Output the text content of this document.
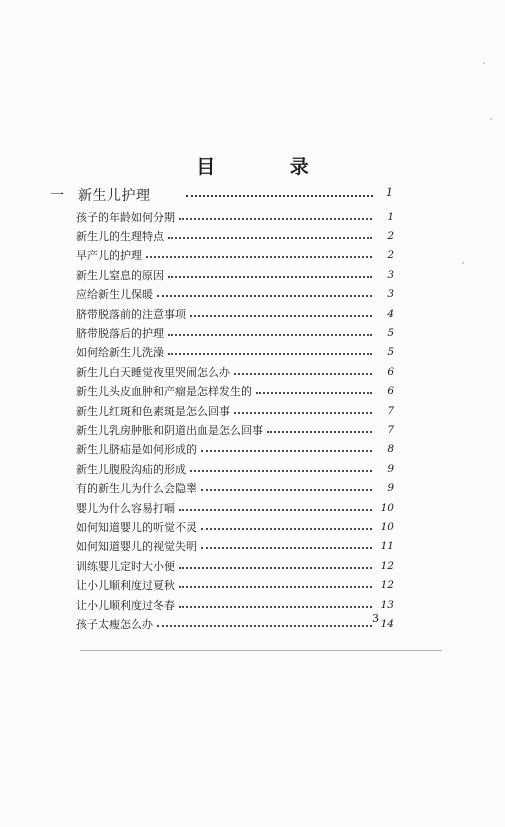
目 录
一 新生儿护理	1
孩子的年龄如何分期	1
新生儿的生理特点	2
早产儿的护理	2
新生儿窒息的原因	3
应给新生儿保暖	3
脐带脱落前的注意事项	4
脐带脱落后的护理	5
如何给新生儿洗澡	5
新生儿白天睡觉夜里哭闹怎么办	6
新生儿头皮血肿和产瘤是怎样发生的	6
新生儿红斑和色素斑是怎么回事	7
新生儿乳房肿胀和阴道出血是怎么回事	7
新生儿脐疝是如何形成的	8
新生儿腹股沟疝的形成	9
有的新生儿为什么会隐睾	9
婴儿为什么容易打嗝	10
如何知道婴儿的听觉不灵	10
如何知道婴儿的视觉失明	11
训练婴儿定时大小便	12
让小儿顺利度过夏秋	12
让小儿顺利度过冬春	13
孩子太瘦怎么办	14
3
